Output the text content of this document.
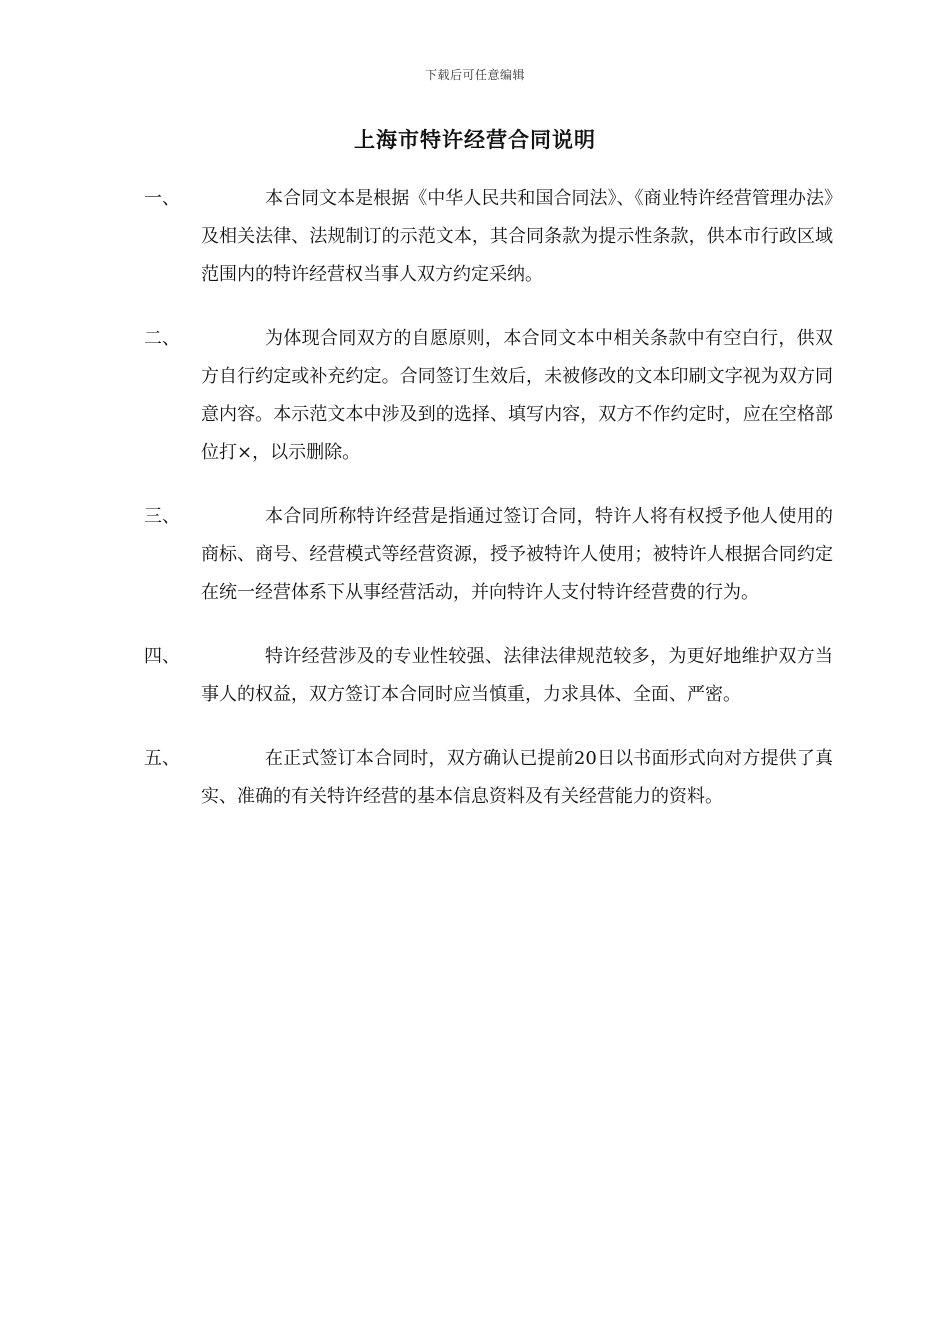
下载后可任意编辑
上海市特许经营合同说明
一、	本合同文本是根据《中华人民共和国合同法》、《商业特许经营管理办法》及相关法律、法规制订的示范文本，其合同条款为提示性条款，供本市行政区域范围内的特许经营权当事人双方约定采纳。
二、	为体现合同双方的自愿原则，本合同文本中相关条款中有空白行，供双方自行约定或补充约定。合同签订生效后，未被修改的文本印刷文字视为双方同意内容。本示范文本中涉及到的选择、填写内容，双方不作约定时，应在空格部位打×，以示删除。
三、	本合同所称特许经营是指通过签订合同，特许人将有权授予他人使用的商标、商号、经营模式等经营资源，授予被特许人使用；被特许人根据合同约定在统一经营体系下从事经营活动，并向特许人支付特许经营费的行为。
四、	特许经营涉及的专业性较强、法律法律规范较多，为更好地维护双方当事人的权益，双方签订本合同时应当慎重，力求具体、全面、严密。
五、	在正式签订本合同时，双方确认已提前20日以书面形式向对方提供了真实、准确的有关特许经营的基本信息资料及有关经营能力的资料。
